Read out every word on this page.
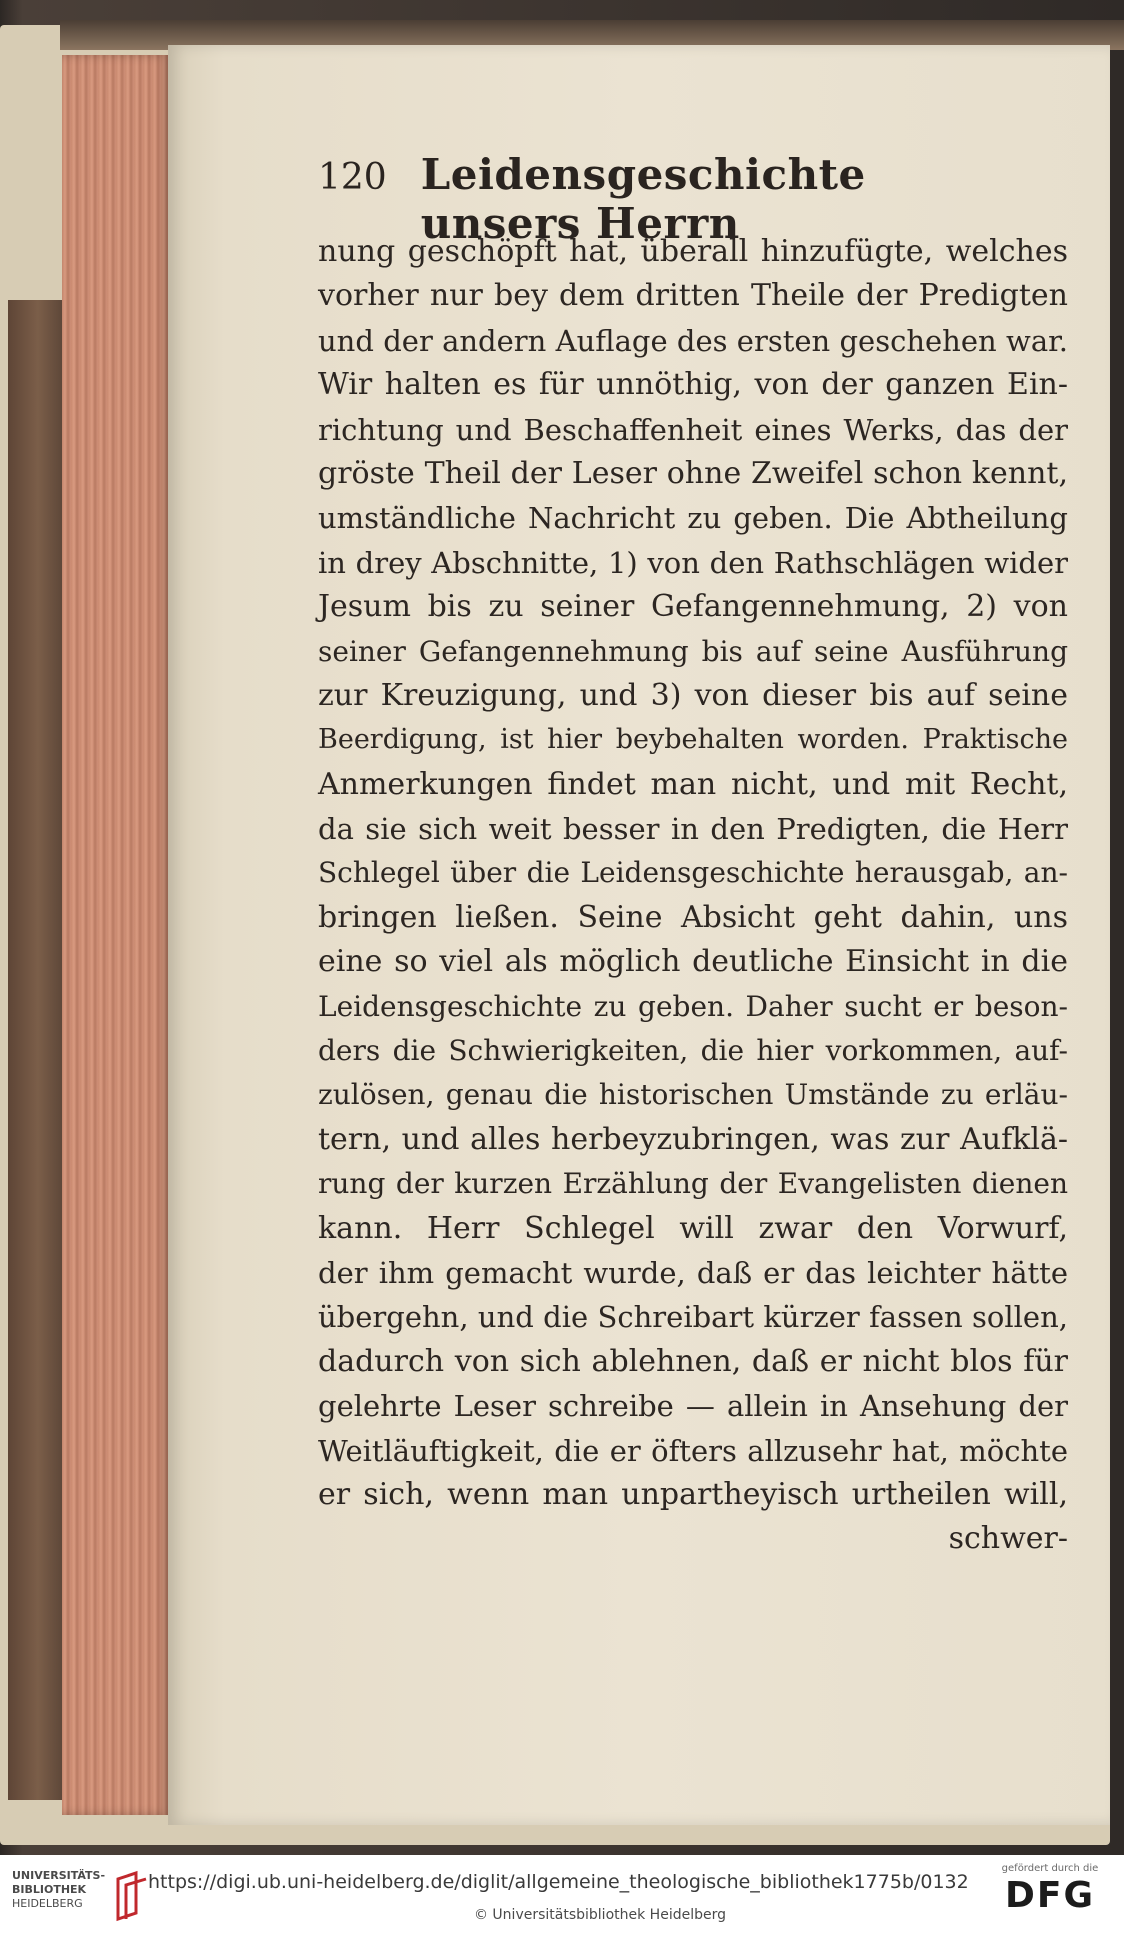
120 Leidensgeschichte unsers Herrn
nung geschöpft hat, überall hinzufügte, welches
vorher nur bey dem dritten Theile der Predigten
und der andern Auflage des ersten geschehen war.
Wir halten es für unnöthig, von der ganzen Ein-
richtung und Beschaffenheit eines Werks, das der
gröste Theil der Leser ohne Zweifel schon kennt,
umständliche Nachricht zu geben. Die Abtheilung
in drey Abschnitte, 1) von den Rathschlägen wider
Jesum bis zu seiner Gefangennehmung, 2) von
seiner Gefangennehmung bis auf seine Ausführung
zur Kreuzigung, und 3) von dieser bis auf seine
Beerdigung, ist hier beybehalten worden. Praktische
Anmerkungen findet man nicht, und mit Recht,
da sie sich weit besser in den Predigten, die Herr
Schlegel über die Leidensgeschichte herausgab, an-
bringen ließen. Seine Absicht geht dahin, uns
eine so viel als möglich deutliche Einsicht in die
Leidensgeschichte zu geben. Daher sucht er beson-
ders die Schwierigkeiten, die hier vorkommen, auf-
zulösen, genau die historischen Umstände zu erläu-
tern, und alles herbeyzubringen, was zur Aufklä-
rung der kurzen Erzählung der Evangelisten dienen
kann. Herr Schlegel will zwar den Vorwurf,
der ihm gemacht wurde, daß er das leichter hätte
übergehn, und die Schreibart kürzer fassen sollen,
dadurch von sich ablehnen, daß er nicht blos für
gelehrte Leser schreibe — allein in Ansehung der
Weitläuftigkeit, die er öfters allzusehr hat, möchte
er sich, wenn man unpartheyisch urtheilen will,
schwer-
UNIVERSITÄTS-
BIBLIOTHEK
HEIDELBERG
https://digi.ub.uni-heidelberg.de/diglit/allgemeine_theologische_bibliothek1775b/0132
© Universitätsbibliothek Heidelberg
gefördert durch die
DFG
